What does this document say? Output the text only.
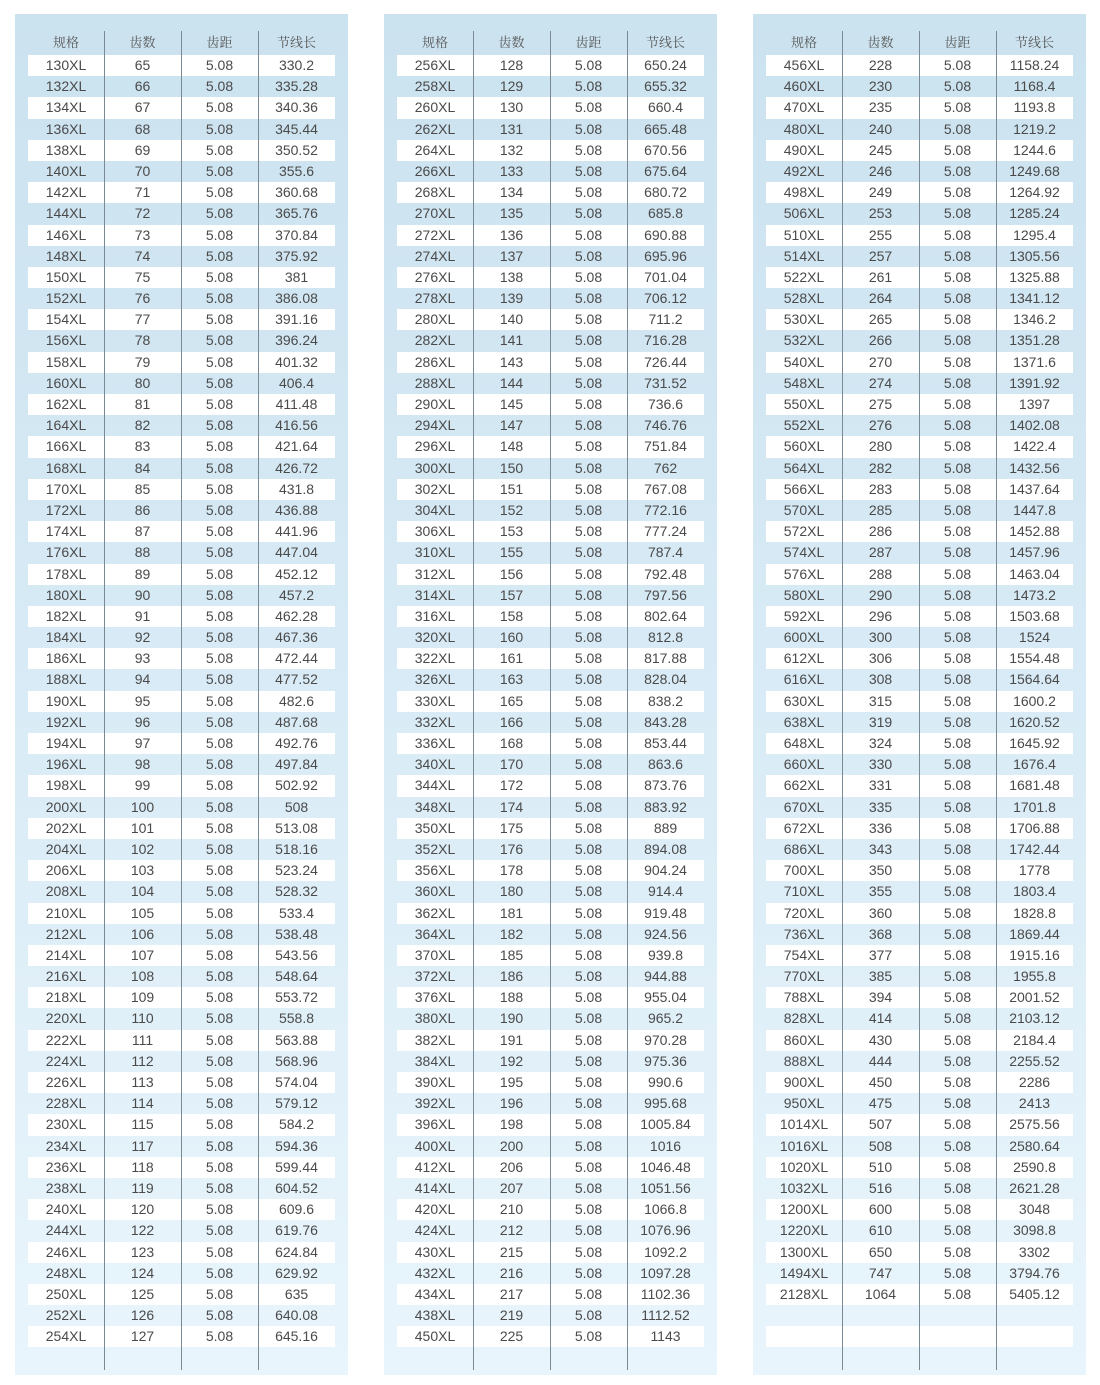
规格	齿数	齿距	节线长
130XL	65	5.08	330.2
132XL	66	5.08	335.28
134XL	67	5.08	340.36
136XL	68	5.08	345.44
138XL	69	5.08	350.52
140XL	70	5.08	355.6
142XL	71	5.08	360.68
144XL	72	5.08	365.76
146XL	73	5.08	370.84
148XL	74	5.08	375.92
150XL	75	5.08	381
152XL	76	5.08	386.08
154XL	77	5.08	391.16
156XL	78	5.08	396.24
158XL	79	5.08	401.32
160XL	80	5.08	406.4
162XL	81	5.08	411.48
164XL	82	5.08	416.56
166XL	83	5.08	421.64
168XL	84	5.08	426.72
170XL	85	5.08	431.8
172XL	86	5.08	436.88
174XL	87	5.08	441.96
176XL	88	5.08	447.04
178XL	89	5.08	452.12
180XL	90	5.08	457.2
182XL	91	5.08	462.28
184XL	92	5.08	467.36
186XL	93	5.08	472.44
188XL	94	5.08	477.52
190XL	95	5.08	482.6
192XL	96	5.08	487.68
194XL	97	5.08	492.76
196XL	98	5.08	497.84
198XL	99	5.08	502.92
200XL	100	5.08	508
202XL	101	5.08	513.08
204XL	102	5.08	518.16
206XL	103	5.08	523.24
208XL	104	5.08	528.32
210XL	105	5.08	533.4
212XL	106	5.08	538.48
214XL	107	5.08	543.56
216XL	108	5.08	548.64
218XL	109	5.08	553.72
220XL	110	5.08	558.8
222XL	111	5.08	563.88
224XL	112	5.08	568.96
226XL	113	5.08	574.04
228XL	114	5.08	579.12
230XL	115	5.08	584.2
234XL	117	5.08	594.36
236XL	118	5.08	599.44
238XL	119	5.08	604.52
240XL	120	5.08	609.6
244XL	122	5.08	619.76
246XL	123	5.08	624.84
248XL	124	5.08	629.92
250XL	125	5.08	635
252XL	126	5.08	640.08
254XL	127	5.08	645.16
规格	齿数	齿距	节线长
256XL	128	5.08	650.24
258XL	129	5.08	655.32
260XL	130	5.08	660.4
262XL	131	5.08	665.48
264XL	132	5.08	670.56
266XL	133	5.08	675.64
268XL	134	5.08	680.72
270XL	135	5.08	685.8
272XL	136	5.08	690.88
274XL	137	5.08	695.96
276XL	138	5.08	701.04
278XL	139	5.08	706.12
280XL	140	5.08	711.2
282XL	141	5.08	716.28
286XL	143	5.08	726.44
288XL	144	5.08	731.52
290XL	145	5.08	736.6
294XL	147	5.08	746.76
296XL	148	5.08	751.84
300XL	150	5.08	762
302XL	151	5.08	767.08
304XL	152	5.08	772.16
306XL	153	5.08	777.24
310XL	155	5.08	787.4
312XL	156	5.08	792.48
314XL	157	5.08	797.56
316XL	158	5.08	802.64
320XL	160	5.08	812.8
322XL	161	5.08	817.88
326XL	163	5.08	828.04
330XL	165	5.08	838.2
332XL	166	5.08	843.28
336XL	168	5.08	853.44
340XL	170	5.08	863.6
344XL	172	5.08	873.76
348XL	174	5.08	883.92
350XL	175	5.08	889
352XL	176	5.08	894.08
356XL	178	5.08	904.24
360XL	180	5.08	914.4
362XL	181	5.08	919.48
364XL	182	5.08	924.56
370XL	185	5.08	939.8
372XL	186	5.08	944.88
376XL	188	5.08	955.04
380XL	190	5.08	965.2
382XL	191	5.08	970.28
384XL	192	5.08	975.36
390XL	195	5.08	990.6
392XL	196	5.08	995.68
396XL	198	5.08	1005.84
400XL	200	5.08	1016
412XL	206	5.08	1046.48
414XL	207	5.08	1051.56
420XL	210	5.08	1066.8
424XL	212	5.08	1076.96
430XL	215	5.08	1092.2
432XL	216	5.08	1097.28
434XL	217	5.08	1102.36
438XL	219	5.08	1112.52
450XL	225	5.08	1143
规格	齿数	齿距	节线长
456XL	228	5.08	1158.24
460XL	230	5.08	1168.4
470XL	235	5.08	1193.8
480XL	240	5.08	1219.2
490XL	245	5.08	1244.6
492XL	246	5.08	1249.68
498XL	249	5.08	1264.92
506XL	253	5.08	1285.24
510XL	255	5.08	1295.4
514XL	257	5.08	1305.56
522XL	261	5.08	1325.88
528XL	264	5.08	1341.12
530XL	265	5.08	1346.2
532XL	266	5.08	1351.28
540XL	270	5.08	1371.6
548XL	274	5.08	1391.92
550XL	275	5.08	1397
552XL	276	5.08	1402.08
560XL	280	5.08	1422.4
564XL	282	5.08	1432.56
566XL	283	5.08	1437.64
570XL	285	5.08	1447.8
572XL	286	5.08	1452.88
574XL	287	5.08	1457.96
576XL	288	5.08	1463.04
580XL	290	5.08	1473.2
592XL	296	5.08	1503.68
600XL	300	5.08	1524
612XL	306	5.08	1554.48
616XL	308	5.08	1564.64
630XL	315	5.08	1600.2
638XL	319	5.08	1620.52
648XL	324	5.08	1645.92
660XL	330	5.08	1676.4
662XL	331	5.08	1681.48
670XL	335	5.08	1701.8
672XL	336	5.08	1706.88
686XL	343	5.08	1742.44
700XL	350	5.08	1778
710XL	355	5.08	1803.4
720XL	360	5.08	1828.8
736XL	368	5.08	1869.44
754XL	377	5.08	1915.16
770XL	385	5.08	1955.8
788XL	394	5.08	2001.52
828XL	414	5.08	2103.12
860XL	430	5.08	2184.4
888XL	444	5.08	2255.52
900XL	450	5.08	2286
950XL	475	5.08	2413
1014XL	507	5.08	2575.56
1016XL	508	5.08	2580.64
1020XL	510	5.08	2590.8
1032XL	516	5.08	2621.28
1200XL	600	5.08	3048
1220XL	610	5.08	3098.8
1300XL	650	5.08	3302
1494XL	747	5.08	3794.76
2128XL	1064	5.08	5405.12
